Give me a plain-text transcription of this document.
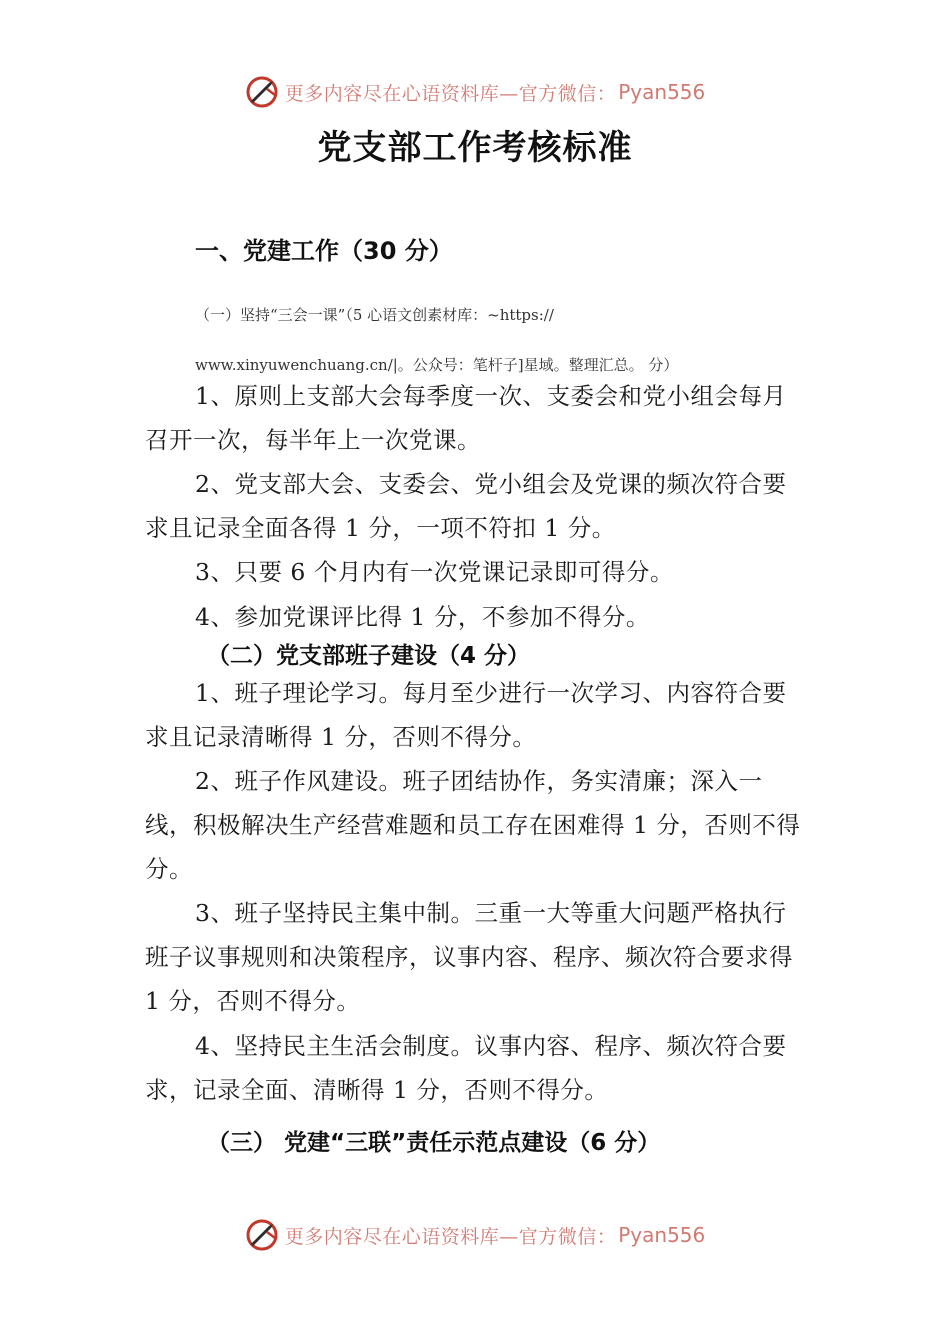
更多内容尽在心语资料库—官方微信： Pyan556
党支部工作考核标准
一、党建工作（30 分）
（一）坚持“三会一课”（5 心语文创素材库：~https://
www.xinyuwenchuang.cn/|。公众号：笔杆子]星域。整理汇总。 分）

1、原则上支部大会每季度一次、支委会和党小组会每月召开一次，每半年上一次党课。

2、党支部大会、支委会、党小组会及党课的频次符合要求且记录全面各得 1 分，一项不符扣 1 分。

3、只要 6 个月内有一次党课记录即可得分。

4、参加党课评比得 1 分，不参加不得分。

（二）党支部班子建设（4 分）

1、班子理论学习。每月至少进行一次学习、内容符合要求且记录清晰得 1 分，否则不得分。

2、班子作风建设。班子团结协作，务实清廉；深入一线，积极解决生产经营难题和员工存在困难得 1 分，否则不得分。

3、班子坚持民主集中制。三重一大等重大问题严格执行班子议事规则和决策程序，议事内容、程序、频次符合要求得 1 分，否则不得分。

4、坚持民主生活会制度。议事内容、程序、频次符合要求，记录全面、清晰得 1 分，否则不得分。

（三） 党建“三联”责任示范点建设（6 分）
更多内容尽在心语资料库—官方微信： Pyan556
